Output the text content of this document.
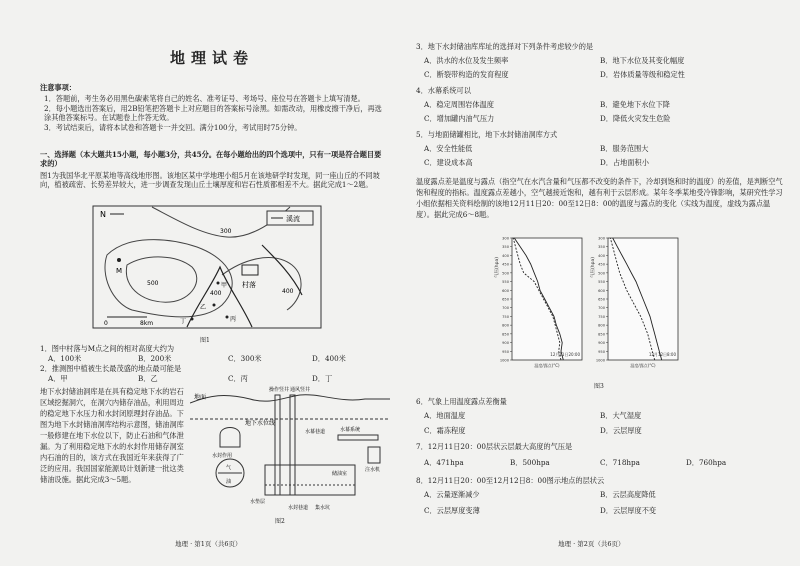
地理试卷
注意事项：
1．答题前，考生务必用黑色碳素笔将自己的姓名、准考证号、考场号、座位号在答题卡上填写清楚。
2．每小题选出答案后，用2B铅笔把答题卡上对应题目的答案标号涂黑。如需改动，用橡皮擦干净后，再选涂其他答案标号。在试题卷上作答无效。
3．考试结束后，请将本试卷和答题卡一并交回。满分100分，考试用时75分钟。
一、选择题（本大题共15小题，每小题3分，共45分。在每小题给出的四个选项中，只有一项是符合题目要求的）
图1为我国华北平原某地等高线地形图。该地区某中学地理小组5月在该地研学时发现，同一座山丘的不同坡向，植被疏密、长势差异较大，进一步调查发现山丘土壤厚度和岩石性质都相差不大。据此完成1～2题。
溪流
N
M
村落
500
400
300
400
甲
乙
丙
丁
0	8km
图1
1．图中村落与M点之间的相对高度大约为
A．100米	B．200米	C．300米	D．400米
2．推测图中植被生长最茂盛的地点最可能是
A．甲	B．乙	C．丙	D．丁
地下水封储油洞库是在具有稳定地下水的岩石区域挖掘洞穴，在洞穴内储存油品，利用周边的稳定地下水压力和水封闭原理封存油品。下图为地下水封储油洞库结构示意图，储油洞库一般修建在地下水位以下，防止石油和气体泄漏。为了利用稳定地下水的水封作用储存洞室内石油的目的，该方式在我国近年来获得了广泛的应用。我国国家能源局计划新建一批这类储油设施。据此完成3～5题。
地面
地下水位线
操作竖井 通风竖井
水封作用
油
气
储油室
水垫层
水封巷道 集水坑
水幕系统
水幕巷道
注水机
图2
地理 · 第1页（共6页）
3．地下水封储油库库址的选择对下列条件考虑较少的是
A．洪水的水位及发生频率	B．地下水位及其变化幅度
C．断裂带构造的发育程度	D．岩体质量等级和稳定性
4．水幕系统可以
A．稳定周围岩体温度	B．避免地下水位下降
C．增加罐内油气压力	D．降低火灾发生危险
5．与地面储罐相比，地下水封储油洞库方式
A．安全性能低	B．服务范围大
C．建设成本高	D．占地面积小
温度露点差是温度与露点（指空气在水汽含量和气压都不改变的条件下，冷却到饱和时的温度）的差值，是判断空气饱和程度的指标。温度露点差越小，空气越接近饱和，越有利于云层形成。某年冬季某地受冷锋影响，某研究性学习小组依据相关资料绘制的该地12月11日20：00至12日8：00的温度与露点的变化（实线为温度，虚线为露点温度）。据此完成6～8题。
300
350
400
450
500
550
600
650
700
750
800
850
900
950
1000
气压(hpa)
温度/露点(°C)
12月11日20:00
300
350
400
450
500
550
600
650
700
750
800
850
900
950
1000
气压(hpa)
温度/露点(°C)
12月12日8:00
图3
6．气象上用温度露点差衡量
A．地面温度	B．大气湿度
C．霜冻程度	D．云层厚度
7．12月11日20：00层状云层最大高度的气压是
A．471hpa	B．500hpa	C．718hpa	D．760hpa
8．12月11日20：00至12月12日8：00图示地点的层状云
A．云量逐渐减少	B．云层高度降低
C．云层厚度变薄	D．云层厚度不变
地理 · 第2页（共6页）
